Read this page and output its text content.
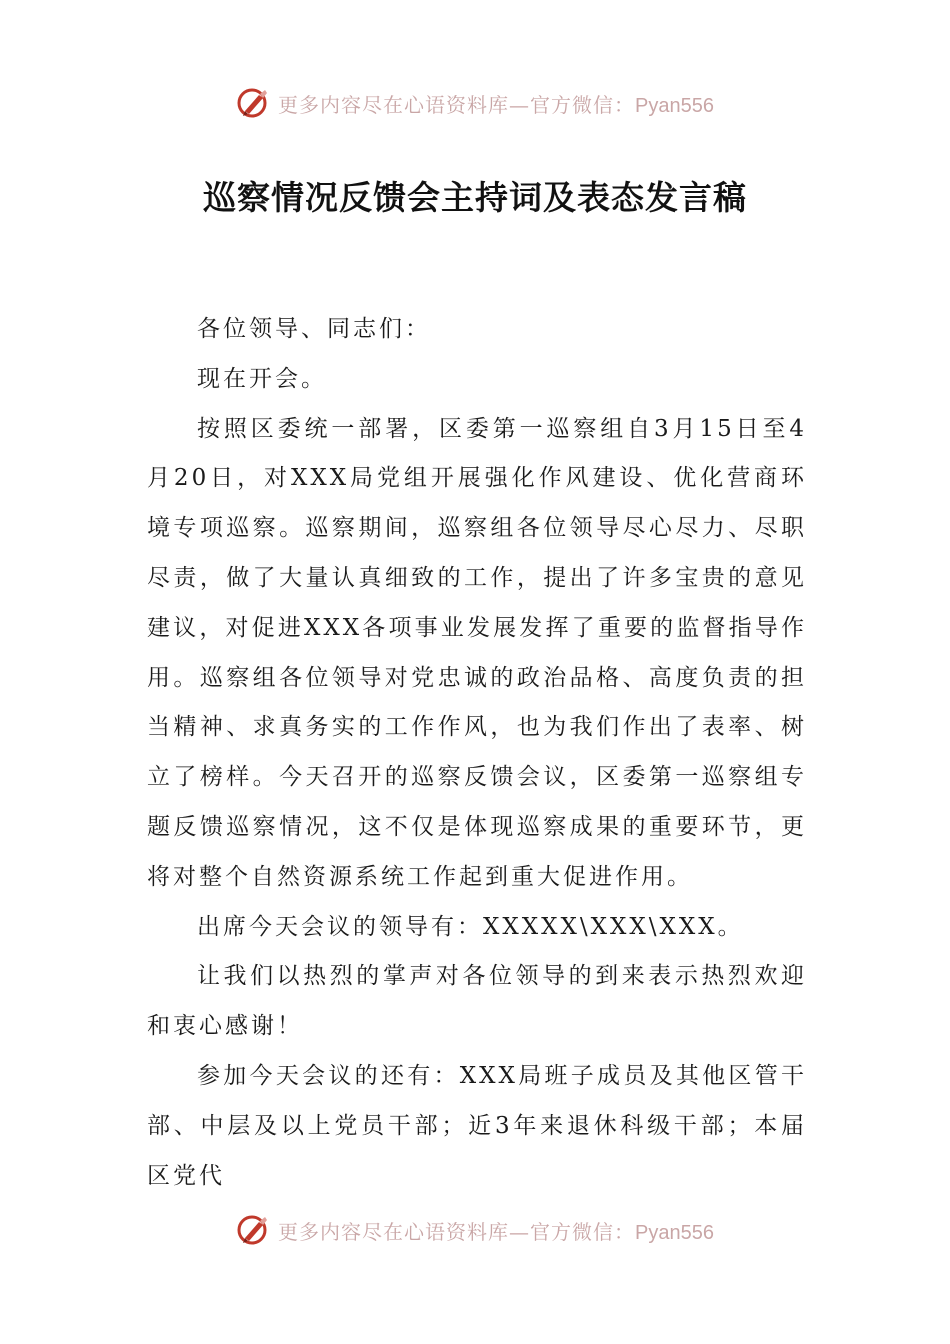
更多内容尽在心语资料库—官方微信：Pyan556
巡察情况反馈会主持词及表态发言稿

各位领导、同志们：

现在开会。

按照区委统一部署，区委第一巡察组自3月15日至4月20日，对XXX局党组开展强化作风建设、优化营商环境专项巡察。巡察期间，巡察组各位领导尽心尽力、尽职尽责，做了大量认真细致的工作，提出了许多宝贵的意见建议，对促进XXX各项事业发展发挥了重要的监督指导作用。巡察组各位领导对党忠诚的政治品格、高度负责的担当精神、求真务实的工作作风，也为我们作出了表率、树立了榜样。今天召开的巡察反馈会议，区委第一巡察组专题反馈巡察情况，这不仅是体现巡察成果的重要环节，更将对整个自然资源系统工作起到重大促进作用。

出席今天会议的领导有：XXXXX\XXX\XXX。

让我们以热烈的掌声对各位领导的到来表示热烈欢迎和衷心感谢！

参加今天会议的还有：XXX局班子成员及其他区管干部、中层及以上党员干部；近3年来退休科级干部；本届区党代

更多内容尽在心语资料库—官方微信：Pyan556
